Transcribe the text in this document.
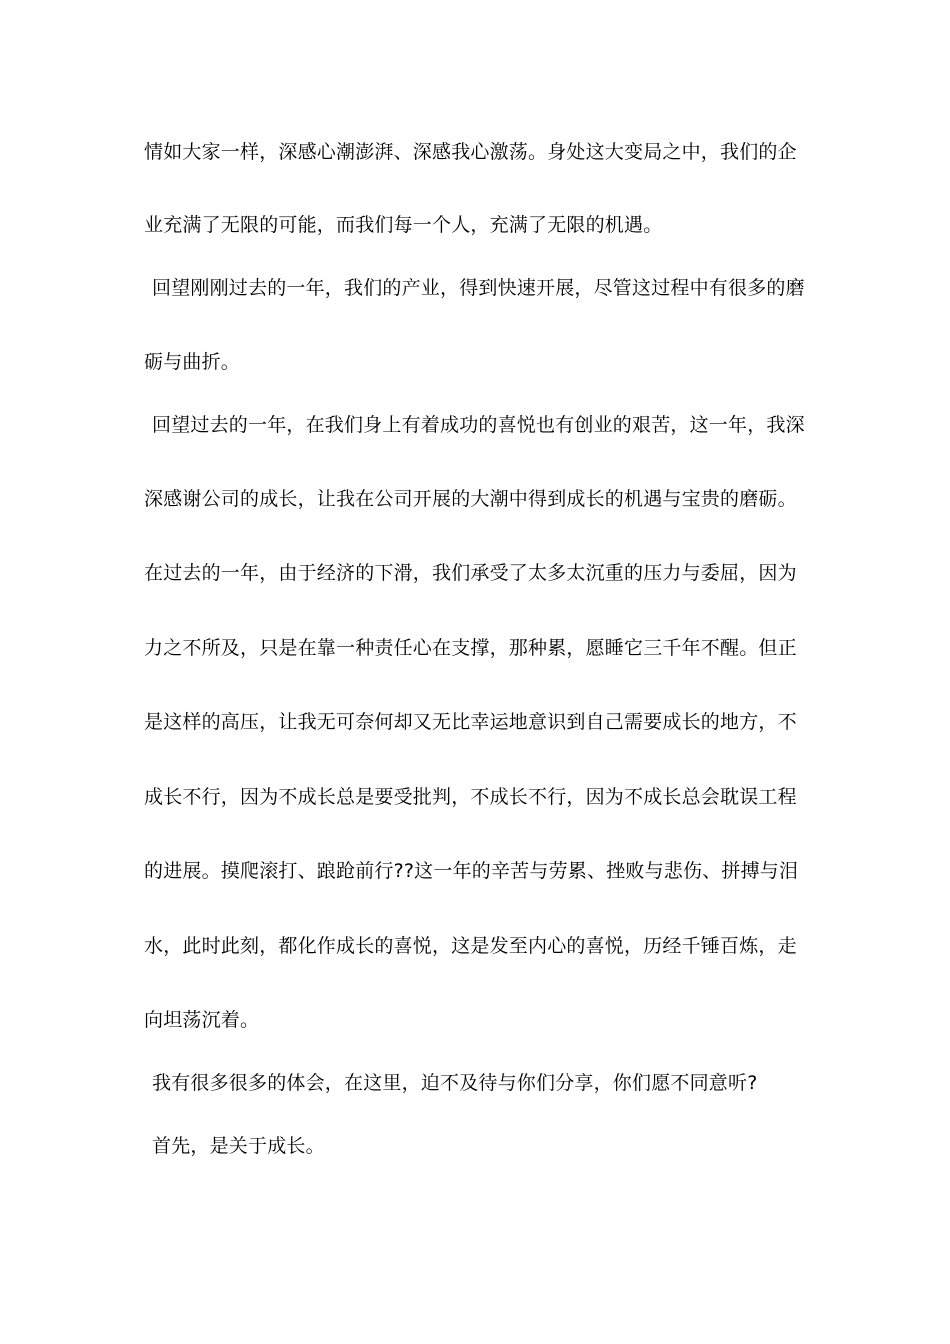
情如大家一样，深感心潮澎湃、深感我心激荡。身处这大变局之中，我们的企
业充满了无限的可能，而我们每一个人，充满了无限的机遇。
回望刚刚过去的一年，我们的产业，得到快速开展，尽管这过程中有很多的磨
砺与曲折。
回望过去的一年，在我们身上有着成功的喜悦也有创业的艰苦，这一年，我深
深感谢公司的成长，让我在公司开展的大潮中得到成长的机遇与宝贵的磨砺。
在过去的一年，由于经济的下滑，我们承受了太多太沉重的压力与委屈，因为
力之不所及，只是在靠一种责任心在支撑，那种累，愿睡它三千年不醒。但正
是这样的高压，让我无可奈何却又无比幸运地意识到自己需要成长的地方，不
成长不行，因为不成长总是要受批判，不成长不行，因为不成长总会耽误工程
的进展。摸爬滚打、踉跄前行??这一年的辛苦与劳累、挫败与悲伤、拼搏与泪
水，此时此刻，都化作成长的喜悦，这是发至内心的喜悦，历经千锤百炼，走
向坦荡沉着。
我有很多很多的体会，在这里，迫不及待与你们分享，你们愿不同意听?
首先，是关于成长。
